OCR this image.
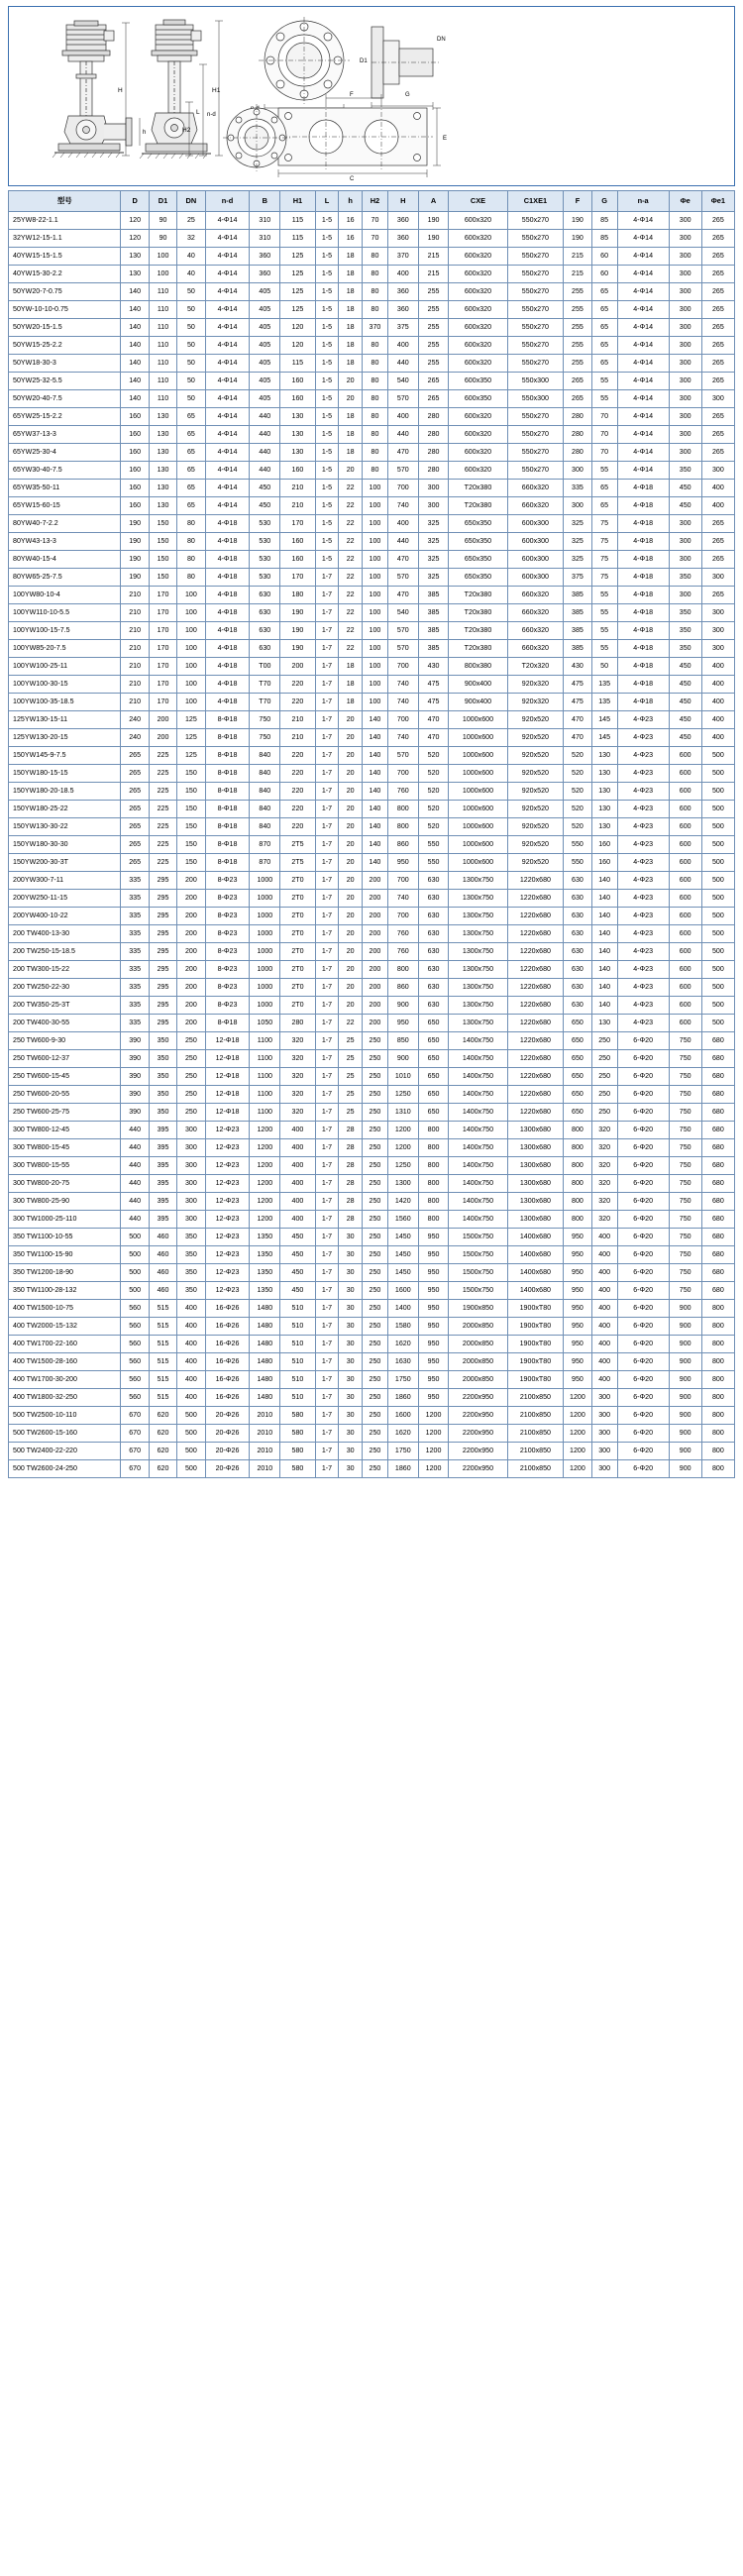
h
H	H1
L
H2
D1
DN
C
E
F	G
n-d
型号	D	D1	DN	n-d	B	H1	L	h	H2	H	A	CXE	C1XE1	F	G	n-a	Φe	Φe1
25YW8-22-1.1	120	90	25	4-Φ14	310	115	1-5	16	70	360	190	600x320	550x270	190	85	4-Φ14	300	265
32YW12-15-1.1	120	90	32	4-Φ14	310	115	1-5	16	70	360	190	600x320	550x270	190	85	4-Φ14	300	265
40YW15-15-1.5	130	100	40	4-Φ14	360	125	1-5	18	80	370	215	600x320	550x270	215	60	4-Φ14	300	265
40YW15-30-2.2	130	100	40	4-Φ14	360	125	1-5	18	80	400	215	600x320	550x270	215	60	4-Φ14	300	265
50YW20-7-0.75	140	110	50	4-Φ14	405	125	1-5	18	80	360	255	600x320	550x270	255	65	4-Φ14	300	265
50YW-10-10-0.75	140	110	50	4-Φ14	405	125	1-5	18	80	360	255	600x320	550x270	255	65	4-Φ14	300	265
50YW20-15-1.5	140	110	50	4-Φ14	405	120	1-5	18	370	375	255	600x320	550x270	255	65	4-Φ14	300	265
50YW15-25-2.2	140	110	50	4-Φ14	405	120	1-5	18	80	400	255	600x320	550x270	255	65	4-Φ14	300	265
50YW18-30-3	140	110	50	4-Φ14	405	115	1-5	18	80	440	255	600x320	550x270	255	65	4-Φ14	300	265
50YW25-32-5.5	140	110	50	4-Φ14	405	160	1-5	20	80	540	265	600x350	550x300	265	55	4-Φ14	300	265
50YW20-40-7.5	140	110	50	4-Φ14	405	160	1-5	20	80	570	265	600x350	550x300	265	55	4-Φ14	300	300
65YW25-15-2.2	160	130	65	4-Φ14	440	130	1-5	18	80	400	280	600x320	550x270	280	70	4-Φ14	300	265
65YW37-13-3	160	130	65	4-Φ14	440	130	1-5	18	80	440	280	600x320	550x270	280	70	4-Φ14	300	265
65YW25-30-4	160	130	65	4-Φ14	440	130	1-5	18	80	470	280	600x320	550x270	280	70	4-Φ14	300	265
65YW30-40-7.5	160	130	65	4-Φ14	440	160	1-5	20	80	570	280	600x320	550x270	300	55	4-Φ14	350	300
65YW35-50-11	160	130	65	4-Φ14	450	210	1-5	22	100	700	300	T20x380	660x320	335	65	4-Φ18	450	400
65YW15-60-15	160	130	65	4-Φ14	450	210	1-5	22	100	740	300	T20x380	660x320	300	65	4-Φ18	450	400
80YW40-7-2.2	190	150	80	4-Φ18	530	170	1-5	22	100	400	325	650x350	600x300	325	75	4-Φ18	300	265
80YW43-13-3	190	150	80	4-Φ18	530	160	1-5	22	100	440	325	650x350	600x300	325	75	4-Φ18	300	265
80YW40-15-4	190	150	80	4-Φ18	530	160	1-5	22	100	470	325	650x350	600x300	325	75	4-Φ18	300	265
80YW65-25-7.5	190	150	80	4-Φ18	530	170	1-7	22	100	570	325	650x350	600x300	375	75	4-Φ18	350	300
100YW80-10-4	210	170	100	4-Φ18	630	180	1-7	22	100	470	385	T20x380	660x320	385	55	4-Φ18	300	265
100YW110-10-5.5	210	170	100	4-Φ18	630	190	1-7	22	100	540	385	T20x380	660x320	385	55	4-Φ18	350	300
100YW100-15-7.5	210	170	100	4-Φ18	630	190	1-7	22	100	570	385	T20x380	660x320	385	55	4-Φ18	350	300
100YW85-20-7.5	210	170	100	4-Φ18	630	190	1-7	22	100	570	385	T20x380	660x320	385	55	4-Φ18	350	300
100YW100-25-11	210	170	100	4-Φ18	T00	200	1-7	18	100	700	430	800x380	T20x320	430	50	4-Φ18	450	400
100YW100-30-15	210	170	100	4-Φ18	T70	220	1-7	18	100	740	475	900x400	920x320	475	135	4-Φ18	450	400
100YW100-35-18.5	210	170	100	4-Φ18	T70	220	1-7	18	100	740	475	900x400	920x320	475	135	4-Φ18	450	400
125YW130-15-11	240	200	125	8-Φ18	750	210	1-7	20	140	700	470	1000x600	920x520	470	145	4-Φ23	450	400
125YW130-20-15	240	200	125	8-Φ18	750	210	1-7	20	140	740	470	1000x600	920x520	470	145	4-Φ23	450	400
150YW145-9-7.5	265	225	125	8-Φ18	840	220	1-7	20	140	570	520	1000x600	920x520	520	130	4-Φ23	600	500
150YW180-15-15	265	225	150	8-Φ18	840	220	1-7	20	140	700	520	1000x600	920x520	520	130	4-Φ23	600	500
150YW180-20-18.5	265	225	150	8-Φ18	840	220	1-7	20	140	760	520	1000x600	920x520	520	130	4-Φ23	600	500
150YW180-25-22	265	225	150	8-Φ18	840	220	1-7	20	140	800	520	1000x600	920x520	520	130	4-Φ23	600	500
150YW130-30-22	265	225	150	8-Φ18	840	220	1-7	20	140	800	520	1000x600	920x520	520	130	4-Φ23	600	500
150YW180-30-30	265	225	150	8-Φ18	870	2T5	1-7	20	140	860	550	1000x600	920x520	550	160	4-Φ23	600	500
150YW200-30-3T	265	225	150	8-Φ18	870	2T5	1-7	20	140	950	550	1000x600	920x520	550	160	4-Φ23	600	500
200YW300-7-11	335	295	200	8-Φ23	1000	2T0	1-7	20	200	700	630	1300x750	1220x680	630	140	4-Φ23	600	500
200YW250-11-15	335	295	200	8-Φ23	1000	2T0	1-7	20	200	740	630	1300x750	1220x680	630	140	4-Φ23	600	500
200YW400-10-22	335	295	200	8-Φ23	1000	2T0	1-7	20	200	700	630	1300x750	1220x680	630	140	4-Φ23	600	500
200 TW400-13-30	335	295	200	8-Φ23	1000	2T0	1-7	20	200	760	630	1300x750	1220x680	630	140	4-Φ23	600	500
200 TW250-15-18.5	335	295	200	8-Φ23	1000	2T0	1-7	20	200	760	630	1300x750	1220x680	630	140	4-Φ23	600	500
200 TW300-15-22	335	295	200	8-Φ23	1000	2T0	1-7	20	200	800	630	1300x750	1220x680	630	140	4-Φ23	600	500
200 TW250-22-30	335	295	200	8-Φ23	1000	2T0	1-7	20	200	860	630	1300x750	1220x680	630	140	4-Φ23	600	500
200 TW350-25-3T	335	295	200	8-Φ23	1000	2T0	1-7	20	200	900	630	1300x750	1220x680	630	140	4-Φ23	600	500
200 TW400-30-55	335	295	200	8-Φ18	1050	280	1-7	22	200	950	650	1300x750	1220x680	650	130	4-Φ23	600	500
250 TW600-9-30	390	350	250	12-Φ18	1100	320	1-7	25	250	850	650	1400x750	1220x680	650	250	6-Φ20	750	680
250 TW600-12-37	390	350	250	12-Φ18	1100	320	1-7	25	250	900	650	1400x750	1220x680	650	250	6-Φ20	750	680
250 TW600-15-45	390	350	250	12-Φ18	1100	320	1-7	25	250	1010	650	1400x750	1220x680	650	250	6-Φ20	750	680
250 TW600-20-55	390	350	250	12-Φ18	1100	320	1-7	25	250	1250	650	1400x750	1220x680	650	250	6-Φ20	750	680
250 TW600-25-75	390	350	250	12-Φ18	1100	320	1-7	25	250	1310	650	1400x750	1220x680	650	250	6-Φ20	750	680
300 TW800-12-45	440	395	300	12-Φ23	1200	400	1-7	28	250	1200	800	1400x750	1300x680	800	320	6-Φ20	750	680
300 TW800-15-45	440	395	300	12-Φ23	1200	400	1-7	28	250	1200	800	1400x750	1300x680	800	320	6-Φ20	750	680
300 TW800-15-55	440	395	300	12-Φ23	1200	400	1-7	28	250	1250	800	1400x750	1300x680	800	320	6-Φ20	750	680
300 TW800-20-75	440	395	300	12-Φ23	1200	400	1-7	28	250	1300	800	1400x750	1300x680	800	320	6-Φ20	750	680
300 TW800-25-90	440	395	300	12-Φ23	1200	400	1-7	28	250	1420	800	1400x750	1300x680	800	320	6-Φ20	750	680
300 TW1000-25-110	440	395	300	12-Φ23	1200	400	1-7	28	250	1560	800	1400x750	1300x680	800	320	6-Φ20	750	680
350 TW1100-10-55	500	460	350	12-Φ23	1350	450	1-7	30	250	1450	950	1500x750	1400x680	950	400	6-Φ20	750	680
350 TW1100-15-90	500	460	350	12-Φ23	1350	450	1-7	30	250	1450	950	1500x750	1400x680	950	400	6-Φ20	750	680
350 TW1200-18-90	500	460	350	12-Φ23	1350	450	1-7	30	250	1450	950	1500x750	1400x680	950	400	6-Φ20	750	680
350 TW1100-28-132	500	460	350	12-Φ23	1350	450	1-7	30	250	1600	950	1500x750	1400x680	950	400	6-Φ20	750	680
400 TW1500-10-75	560	515	400	16-Φ26	1480	510	1-7	30	250	1400	950	1900x850	1900xT80	950	400	6-Φ20	900	800
400 TW2000-15-132	560	515	400	16-Φ26	1480	510	1-7	30	250	1580	950	2000x850	1900xT80	950	400	6-Φ20	900	800
400 TW1700-22-160	560	515	400	16-Φ26	1480	510	1-7	30	250	1620	950	2000x850	1900xT80	950	400	6-Φ20	900	800
400 TW1500-28-160	560	515	400	16-Φ26	1480	510	1-7	30	250	1630	950	2000x850	1900xT80	950	400	6-Φ20	900	800
400 TW1700-30-200	560	515	400	16-Φ26	1480	510	1-7	30	250	1750	950	2000x850	1900xT80	950	400	6-Φ20	900	800
400 TW1800-32-250	560	515	400	16-Φ26	1480	510	1-7	30	250	1860	950	2200x950	2100x850	1200	300	6-Φ20	900	800
500 TW2500-10-110	670	620	500	20-Φ26	2010	580	1-7	30	250	1600	1200	2200x950	2100x850	1200	300	6-Φ20	900	800
500 TW2600-15-160	670	620	500	20-Φ26	2010	580	1-7	30	250	1620	1200	2200x950	2100x850	1200	300	6-Φ20	900	800
500 TW2400-22-220	670	620	500	20-Φ26	2010	580	1-7	30	250	1750	1200	2200x950	2100x850	1200	300	6-Φ20	900	800
500 TW2600-24-250	670	620	500	20-Φ26	2010	580	1-7	30	250	1860	1200	2200x950	2100x850	1200	300	6-Φ20	900	800
